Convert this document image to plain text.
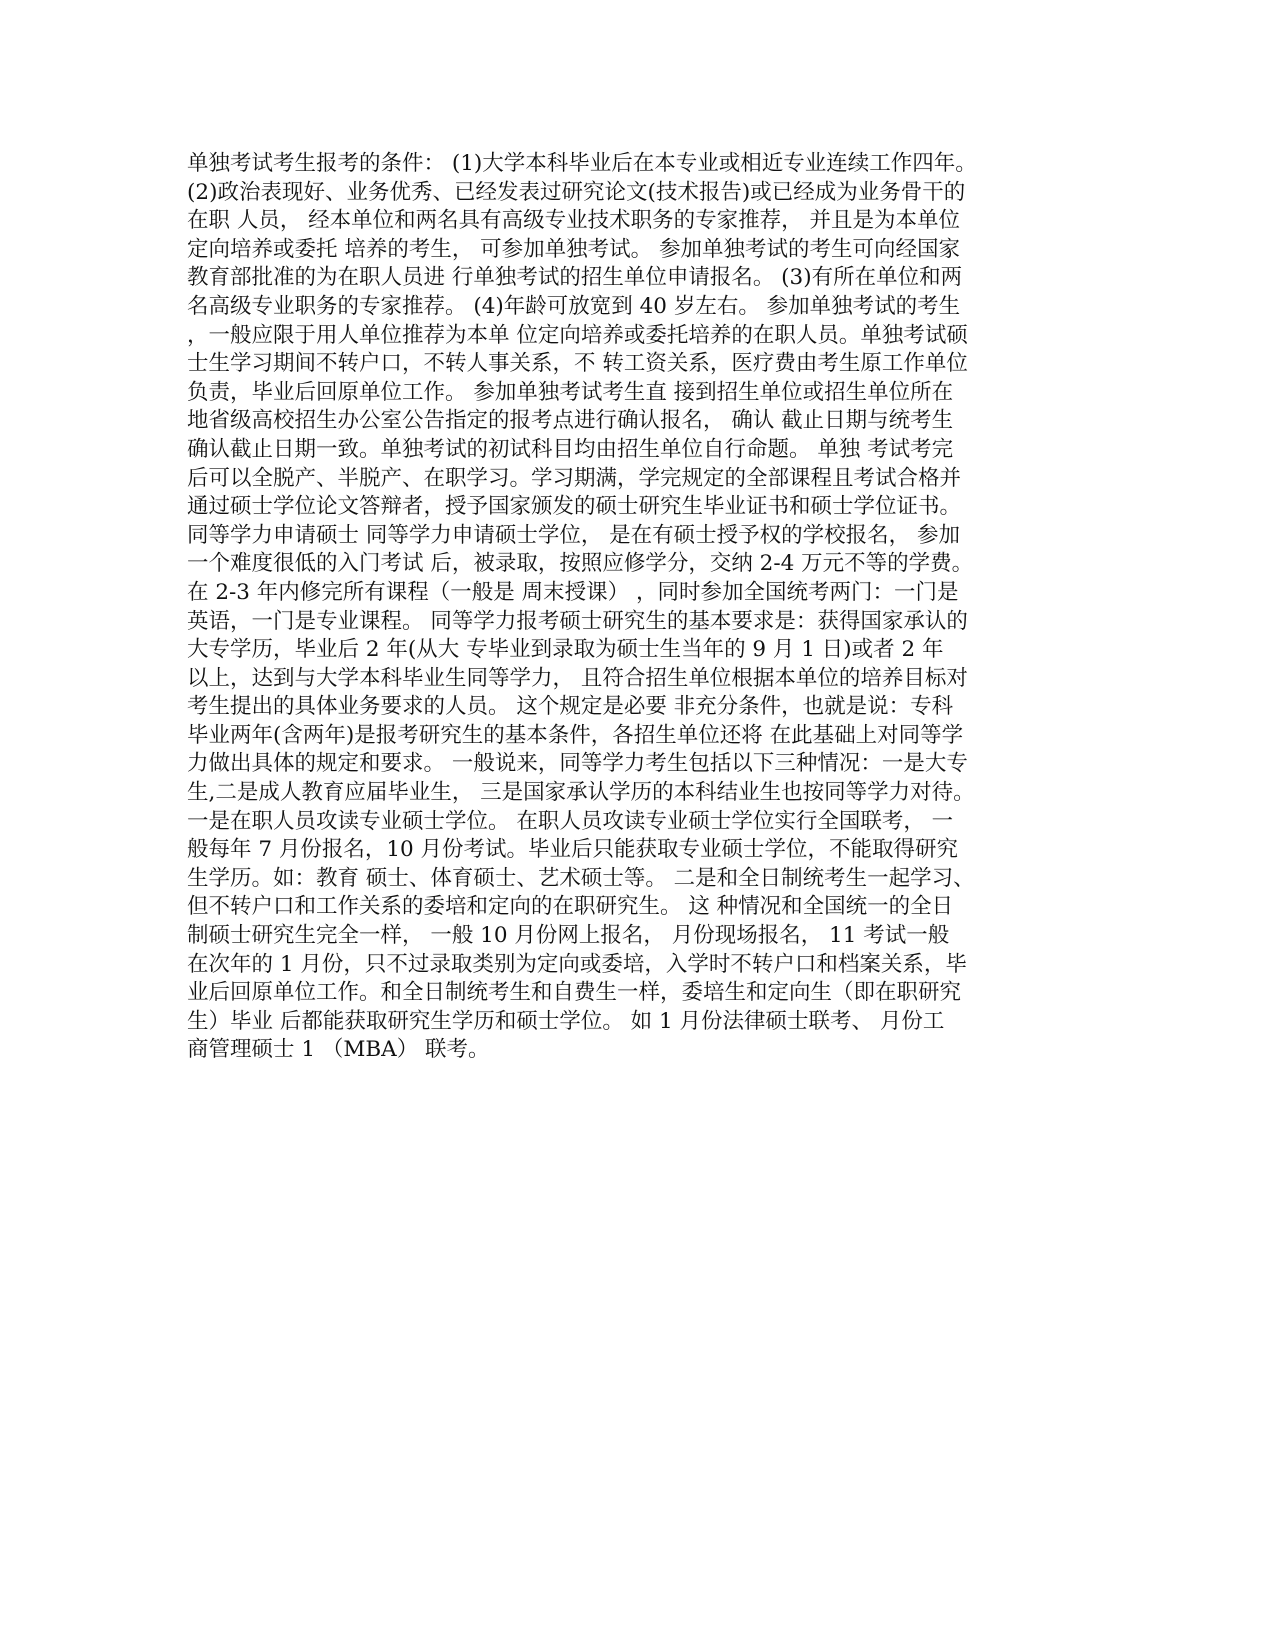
单独考试考生报考的条件： (1)大学本科毕业后在本专业或相近专业连续工作四年。
(2)政治表现好、业务优秀、已经发表过研究论文(技术报告)或已经成为业务骨干的
在职 人员， 经本单位和两名具有高级专业技术职务的专家推荐， 并且是为本单位
定向培养或委托 培养的考生， 可参加单独考试。 参加单独考试的考生可向经国家
教育部批准的为在职人员进 行单独考试的招生单位申请报名。 (3)有所在单位和两
名高级专业职务的专家推荐。 (4)年龄可放宽到 40 岁左右。 参加单独考试的考生
，一般应限于用人单位推荐为本单 位定向培养或委托培养的在职人员。单独考试硕
士生学习期间不转户口，不转人事关系，不 转工资关系，医疗费由考生原工作单位
负责，毕业后回原单位工作。 参加单独考试考生直 接到招生单位或招生单位所在
地省级高校招生办公室公告指定的报考点进行确认报名， 确认 截止日期与统考生
确认截止日期一致。单独考试的初试科目均由招生单位自行命题。 单独 考试考完
后可以全脱产、半脱产、在职学习。学习期满，学完规定的全部课程且考试合格并
通过硕士学位论文答辩者，授予国家颁发的硕士研究生毕业证书和硕士学位证书。
同等学力申请硕士 同等学力申请硕士学位， 是在有硕士授予权的学校报名， 参加
一个难度很低的入门考试 后，被录取，按照应修学分，交纳 2-4 万元不等的学费。
在 2-3 年内修完所有课程（一般是 周末授课） ，同时参加全国统考两门：一门是
英语，一门是专业课程。 同等学力报考硕士研究生的基本要求是：获得国家承认的
大专学历，毕业后 2 年(从大 专毕业到录取为硕士生当年的 9 月 1 日)或者 2 年
以上，达到与大学本科毕业生同等学力， 且符合招生单位根据本单位的培养目标对
考生提出的具体业务要求的人员。 这个规定是必要 非充分条件，也就是说：专科
毕业两年(含两年)是报考研究生的基本条件，各招生单位还将 在此基础上对同等学
力做出具体的规定和要求。 一般说来，同等学力考生包括以下三种情况：一是大专
生,二是成人教育应届毕业生， 三是国家承认学历的本科结业生也按同等学力对待。
一是在职人员攻读专业硕士学位。 在职人员攻读专业硕士学位实行全国联考， 一
般每年 7 月份报名，10 月份考试。毕业后只能获取专业硕士学位，不能取得研究
生学历。如：教育 硕士、体育硕士、艺术硕士等。 二是和全日制统考生一起学习、
但不转户口和工作关系的委培和定向的在职研究生。 这 种情况和全国统一的全日
制硕士研究生完全一样， 一般 10 月份网上报名， 月份现场报名， 11 考试一般
在次年的 1 月份，只不过录取类别为定向或委培，入学时不转户口和档案关系，毕
业后回原单位工作。和全日制统考生和自费生一样，委培生和定向生（即在职研究
生）毕业 后都能获取研究生学历和硕士学位。 如 1 月份法律硕士联考、 月份工
商管理硕士 1 （MBA） 联考。
